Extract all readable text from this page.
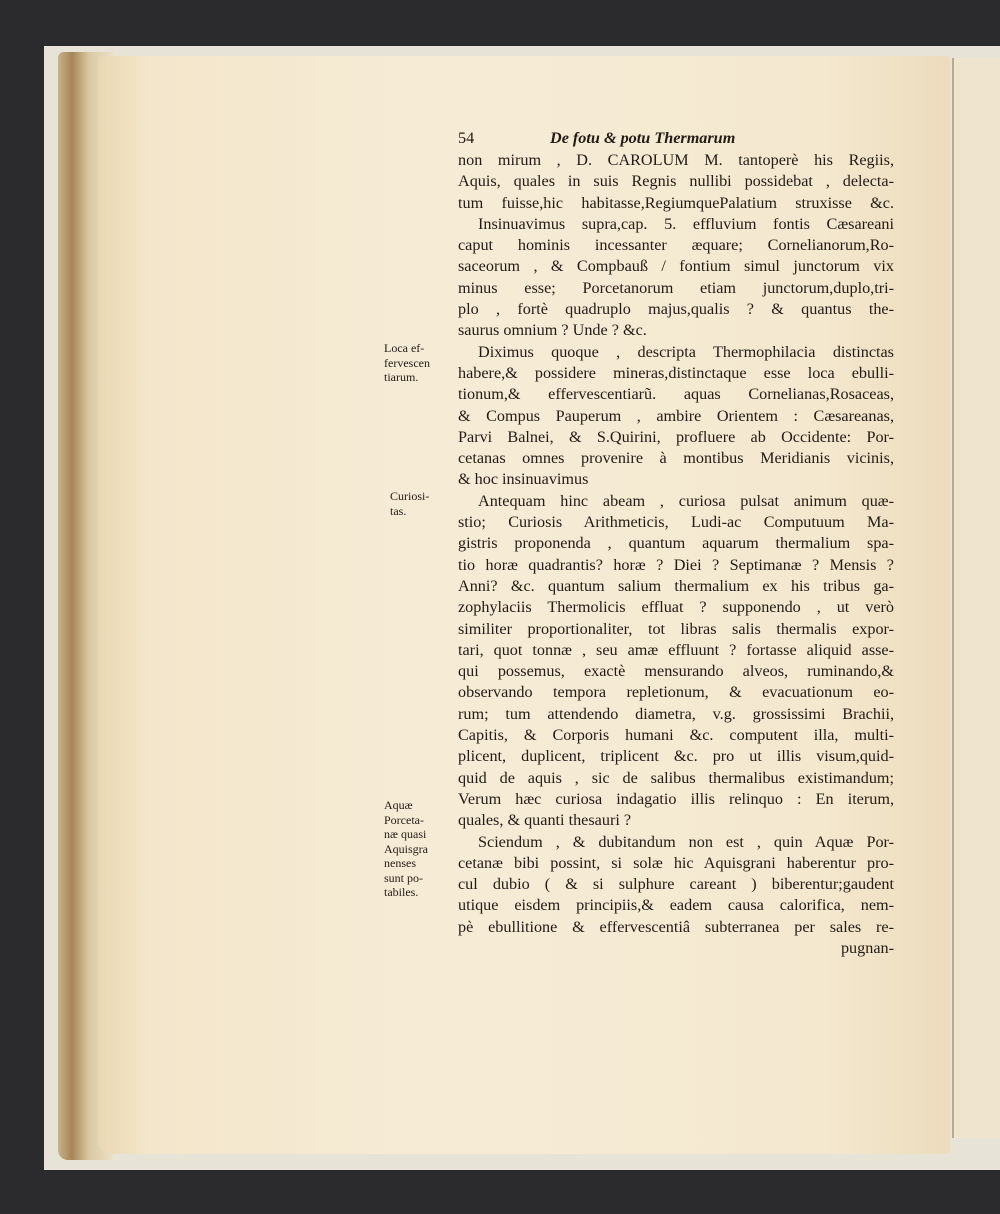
Loca ef-
fervescen
tiarum.
Curiosi-
tas.
Aquæ
Porceta-
næ quasi
Aquisgra
nenses
sunt po-
tabiles.
54	De fotu & potu Thermarum
non mirum , D. CAROLUM M. tantoperè his Regiis,
Aquis, quales in suis Regnis nullibi possidebat , delecta-
tum fuisse,hic habitasse,RegiumquePalatium struxisse &c.
Insinuavimus supra,cap. 5. effluvium fontis Cæsareani
caput hominis incessanter æquare; Cornelianorum,Ro-
saceorum , & Compbauß / fontium simul junctorum vix
minus esse; Porcetanorum etiam junctorum,duplo,tri-
plo , fortè quadruplo majus,qualis ? & quantus the-
saurus omnium ? Unde ? &c.
Diximus quoque , descripta Thermophilacia distinctas
habere,& possidere mineras,distinctaque esse loca ebulli-
tionum,& effervescentiarũ. aquas Cornelianas,Rosaceas,
& Compus Pauperum , ambire Orientem : Cæsareanas,
Parvi Balnei, & S.Quirini, profluere ab Occidente: Por-
cetanas omnes provenire à montibus Meridianis vicinis,
& hoc insinuavimus
Antequam hinc abeam , curiosa pulsat animum quæ-
stio; Curiosis Arithmeticis, Ludi-ac Computuum Ma-
gistris proponenda , quantum aquarum thermalium spa-
tio horæ quadrantis? horæ ? Diei ? Septimanæ ? Mensis ?
Anni? &c. quantum salium thermalium ex his tribus ga-
zophylaciis Thermolicis effluat ? supponendo , ut verò
similiter proportionaliter, tot libras salis thermalis expor-
tari, quot tonnæ , seu amæ effluunt ? fortasse aliquid asse-
qui possemus, exactè mensurando alveos, ruminando,&
observando tempora repletionum, & evacuationum eo-
rum; tum attendendo diametra, v.g. grossissimi Brachii,
Capitis, & Corporis humani &c. computent illa, multi-
plicent, duplicent, triplicent &c. pro ut illis visum,quid-
quid de aquis , sic de salibus thermalibus existimandum;
Verum hæc curiosa indagatio illis relinquo : En iterum,
quales, & quanti thesauri ?
Sciendum , & dubitandum non est , quin Aquæ Por-
cetanæ bibi possint, si solæ hic Aquisgrani haberentur pro-
cul dubio ( & si sulphure careant ) biberentur;gaudent
utique eisdem principiis,& eadem causa calorifica, nem-
pè ebullitione & effervescentiâ subterranea per sales re-
pugnan-
